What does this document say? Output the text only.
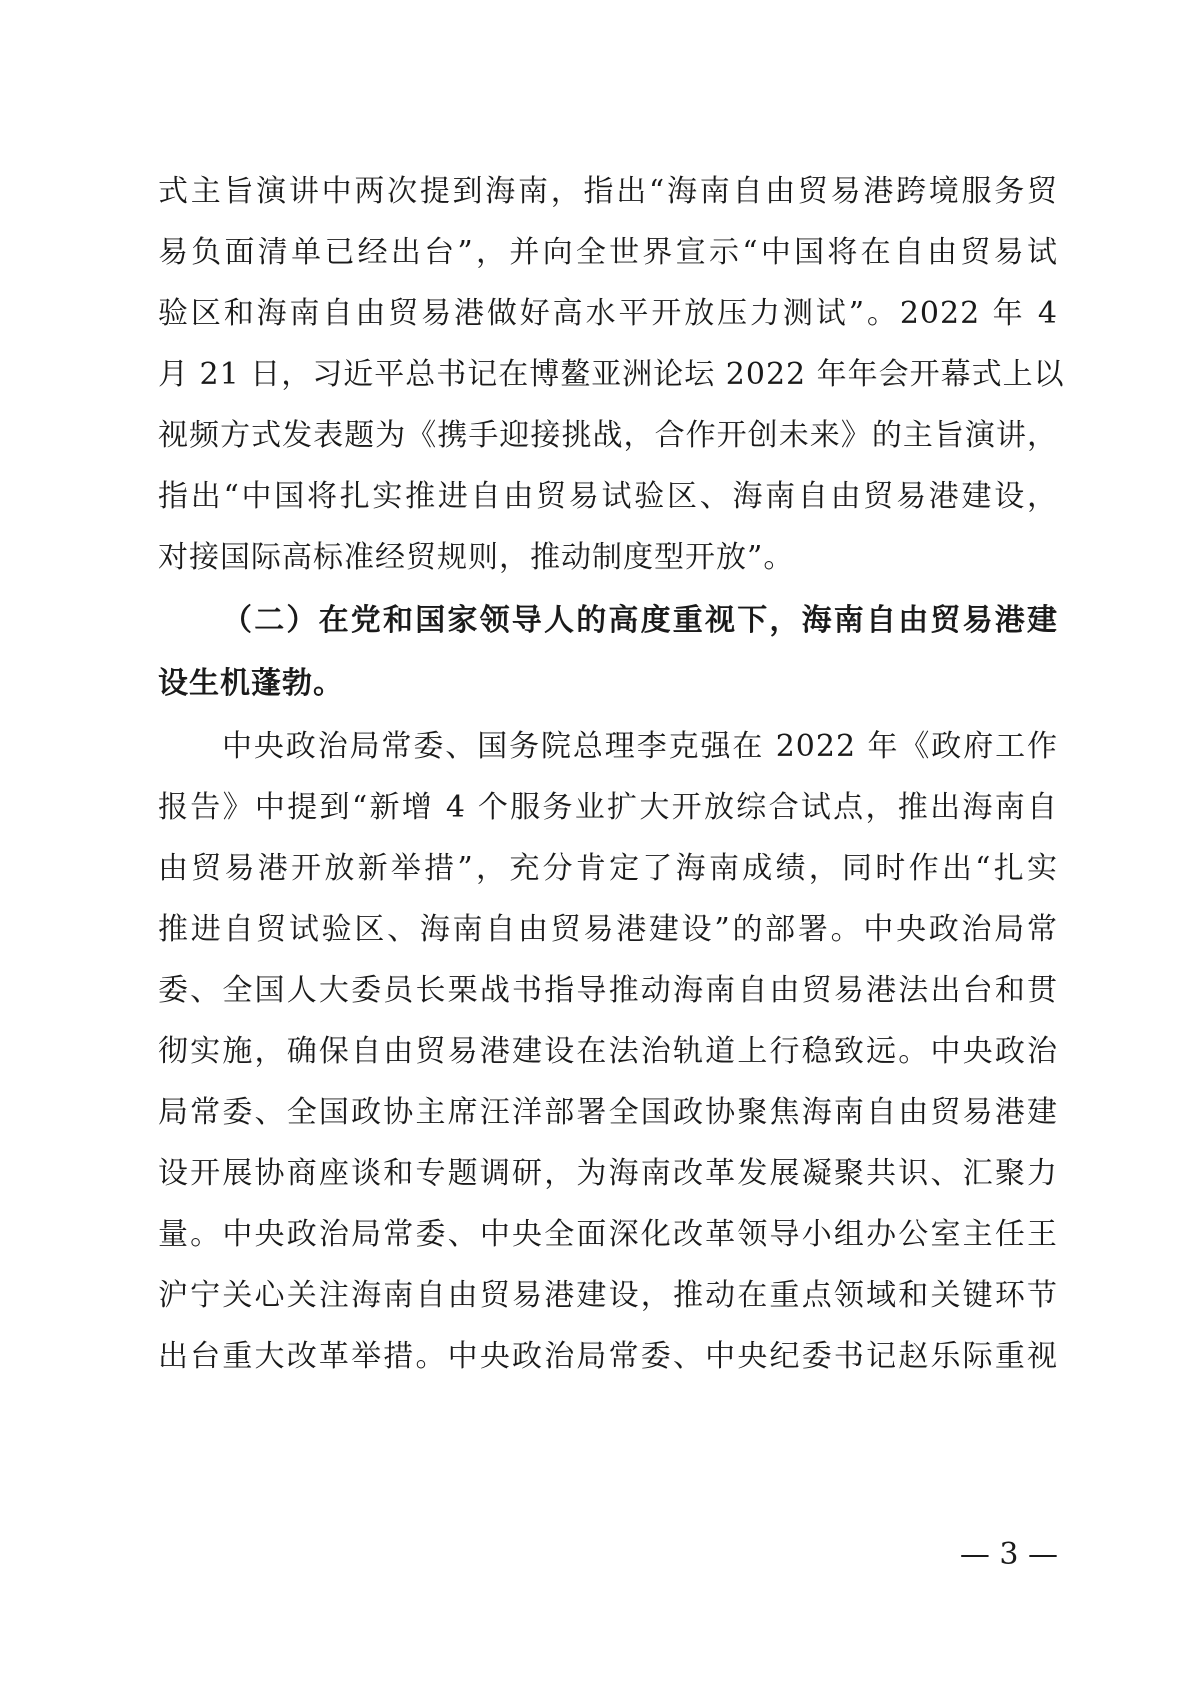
式主旨演讲中两次提到海南，指出“海南自由贸易港跨境服务贸
易负面清单已经出台”，并向全世界宣示“中国将在自由贸易试
验区和海南自由贸易港做好高水平开放压力测试”。2022 年 4
月 21 日，习近平总书记在博鳌亚洲论坛 2022 年年会开幕式上以
视频方式发表题为《携手迎接挑战，合作开创未来》的主旨演讲，
指出“中国将扎实推进自由贸易试验区、海南自由贸易港建设，
对接国际高标准经贸规则，推动制度型开放”。
（二）在党和国家领导人的高度重视下，海南自由贸易港建
设生机蓬勃。
中央政治局常委、国务院总理李克强在 2022 年《政府工作
报告》中提到“新增 4 个服务业扩大开放综合试点，推出海南自
由贸易港开放新举措”，充分肯定了海南成绩，同时作出“扎实
推进自贸试验区、海南自由贸易港建设”的部署。中央政治局常
委、全国人大委员长栗战书指导推动海南自由贸易港法出台和贯
彻实施，确保自由贸易港建设在法治轨道上行稳致远。中央政治
局常委、全国政协主席汪洋部署全国政协聚焦海南自由贸易港建
设开展协商座谈和专题调研，为海南改革发展凝聚共识、汇聚力
量。中央政治局常委、中央全面深化改革领导小组办公室主任王
沪宁关心关注海南自由贸易港建设，推动在重点领域和关键环节
出台重大改革举措。中央政治局常委、中央纪委书记赵乐际重视
— 3 —
